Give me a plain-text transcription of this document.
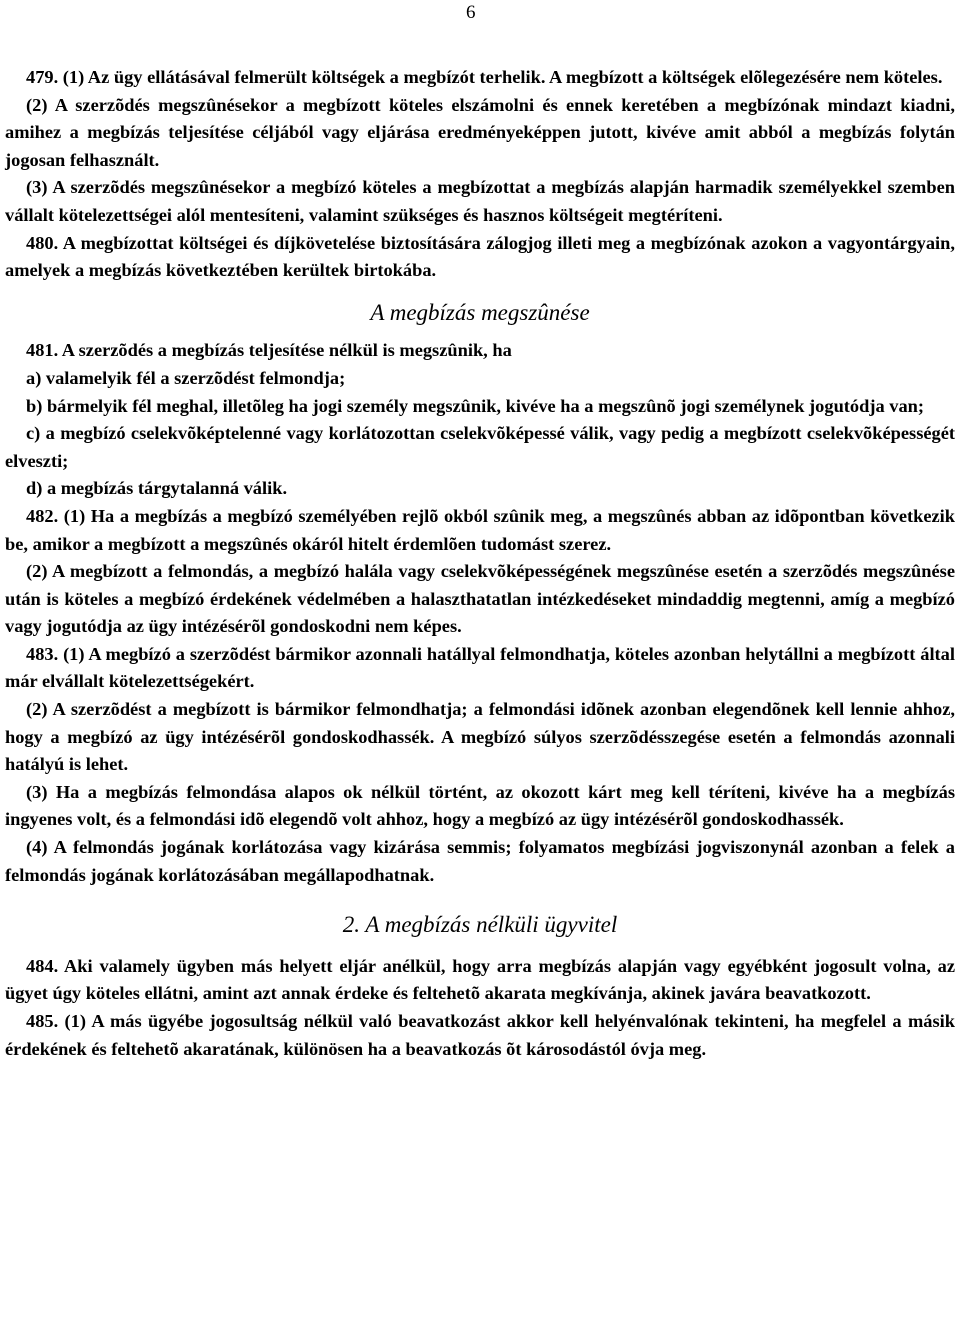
6

479. (1) Az ügy ellátásával felmerült költségek a megbízót terhelik. A megbízott a költségek elõlegezésére nem köteles.

(2) A szerzõdés megszûnésekor a megbízott köteles elszámolni és ennek keretében a megbízónak mindazt kiadni, amihez a megbízás teljesítése céljából vagy eljárása eredményeképpen jutott, kivéve amit abból a megbízás folytán jogosan felhasznált.

(3) A szerzõdés megszûnésekor a megbízó köteles a megbízottat a megbízás alapján harmadik személyekkel szemben vállalt kötelezettségei alól mentesíteni, valamint szükséges és hasznos költségeit megtéríteni.

480. A megbízottat költségei és díjkövetelése biztosítására zálogjog illeti meg a megbízónak azokon a vagyontárgyain, amelyek a megbízás következtében kerültek birtokába.

A megbízás megszûnése

481. A szerzõdés a megbízás teljesítése nélkül is megszûnik, ha

a) valamelyik fél a szerzõdést felmondja;

b) bármelyik fél meghal, illetõleg ha jogi személy megszûnik, kivéve ha a megszûnõ jogi személynek jogutódja van;

c) a megbízó cselekvõképtelenné vagy korlátozottan cselekvõképessé válik, vagy pedig a megbízott cselekvõképességét elveszti;

d) a megbízás tárgytalanná válik.

482. (1) Ha a megbízás a megbízó személyében rejlõ okból szûnik meg, a megszûnés abban az idõpontban következik be, amikor a megbízott a megszûnés okáról hitelt érdemlõen tudomást szerez.

(2) A megbízott a felmondás, a megbízó halála vagy cselekvõképességének megszûnése esetén a szerzõdés megszûnése után is köteles a megbízó érdekének védelmében a halaszthatatlan intézkedéseket mindaddig megtenni, amíg a megbízó vagy jogutódja az ügy intézésérõl gondoskodni nem képes.

483. (1) A megbízó a szerzõdést bármikor azonnali hatállyal felmondhatja, köteles azonban helytállni a megbízott által már elvállalt kötelezettségekért.

(2) A szerzõdést a megbízott is bármikor felmondhatja; a felmondási idõnek azonban elegendõnek kell lennie ahhoz, hogy a megbízó az ügy intézésérõl gondoskodhassék. A megbízó súlyos szerzõdésszegése esetén a felmondás azonnali hatályú is lehet.

(3) Ha a megbízás felmondása alapos ok nélkül történt, az okozott kárt meg kell téríteni, kivéve ha a megbízás ingyenes volt, és a felmondási idõ elegendõ volt ahhoz, hogy a megbízó az ügy intézésérõl gondoskodhassék.

(4) A felmondás jogának korlátozása vagy kizárása semmis; folyamatos megbízási jogviszonynál azonban a felek a felmondás jogának korlátozásában megállapodhatnak.

2. A megbízás nélküli ügyvitel

484. Aki valamely ügyben más helyett eljár anélkül, hogy arra megbízás alapján vagy egyébként jogosult volna, az ügyet úgy köteles ellátni, amint azt annak érdeke és feltehetõ akarata megkívánja, akinek javára beavatkozott.

485. (1) A más ügyébe jogosultság nélkül való beavatkozást akkor kell helyénvalónak tekinteni, ha megfelel a másik érdekének és feltehetõ akaratának, különösen ha a beavatkozás õt károsodástól óvja meg.
